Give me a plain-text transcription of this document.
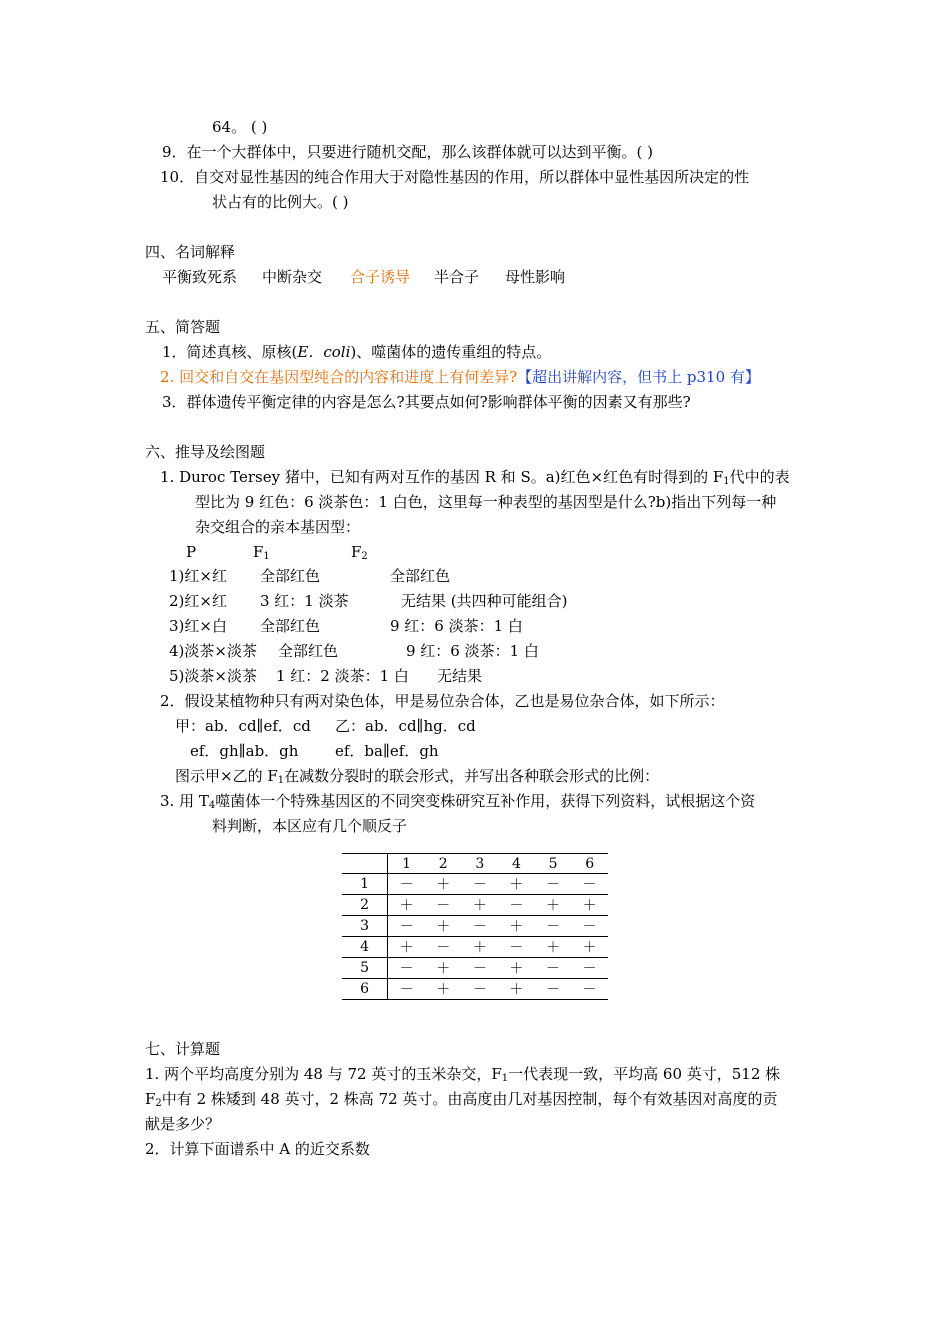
64。 ( )
9．在一个大群体中，只要进行随机交配，那么该群体就可以达到平衡。( )
10．自交对显性基因的纯合作用大于对隐性基因的作用，所以群体中显性基因所决定的性
状占有的比例大。( )
四、名词解释
平衡致死系 中断杂交 合子诱导 半合子 母性影响
五、简答题
1．简述真核、原核(E．coli)、噬菌体的遗传重组的特点。
2. 回交和自交在基因型纯合的内容和进度上有何差异?【超出讲解内容，但书上 p310 有】
3．群体遗传平衡定律的内容是怎么?其要点如何?影响群体平衡的因素又有那些?
六、推导及绘图题
1. Duroc Tersey 猪中，已知有两对互作的基因 R 和 S。a)红色×红色有时得到的 $F_1$代中的表
型比为 9 红色：6 淡茶色：1 白色，这里每一种表型的基因型是什么?b)指出下列每一种
杂交组合的亲本基因型：
P	$F_1$	$F_2$
1)红×红 全部红色	全部红色
2)红×红 3 红：1 淡茶	无结果 (共四种可能组合)
3)红×白 全部红色	9 红：6 淡茶：1 白
4)淡茶×淡茶 全部红色	9 红：6 淡茶：1 白
5)淡茶×淡茶 1 红：2 淡茶：1 白 无结果
2．假设某植物种只有两对染色体，甲是易位杂合体，乙也是易位杂合体，如下所示：
甲：ab．cd∥ef．cd 乙：ab．cd∥hg．cd
ef．gh∥ab．gh ef．ba∥ef．gh
图示甲×乙的 $F_1$在减数分裂时的联会形式，并写出各种联会形式的比例：
3. 用 $T_4$噬菌体一个特殊基因区的不同突变株研究互补作用，获得下列资料，试根据这个资
料判断，本区应有几个顺反子
	1	2	3	4	5	6
1	－	＋	－	＋	－	－
2	＋	－	＋	－	＋	＋
3	－	＋	－	＋	－	－
4	＋	－	＋	－	＋	＋
5	－	＋	－	＋	－	－
6	－	＋	－	＋	－	－
七、计算题
1. 两个平均高度分别为 48 与 72 英寸的玉米杂交，$F_1$一代表现一致，平均高 60 英寸，512 株
$F_2$中有 2 株矮到 48 英寸，2 株高 72 英寸。由高度由几对基因控制，每个有效基因对高度的贡
献是多少？
2．计算下面谱系中 A 的近交系数
